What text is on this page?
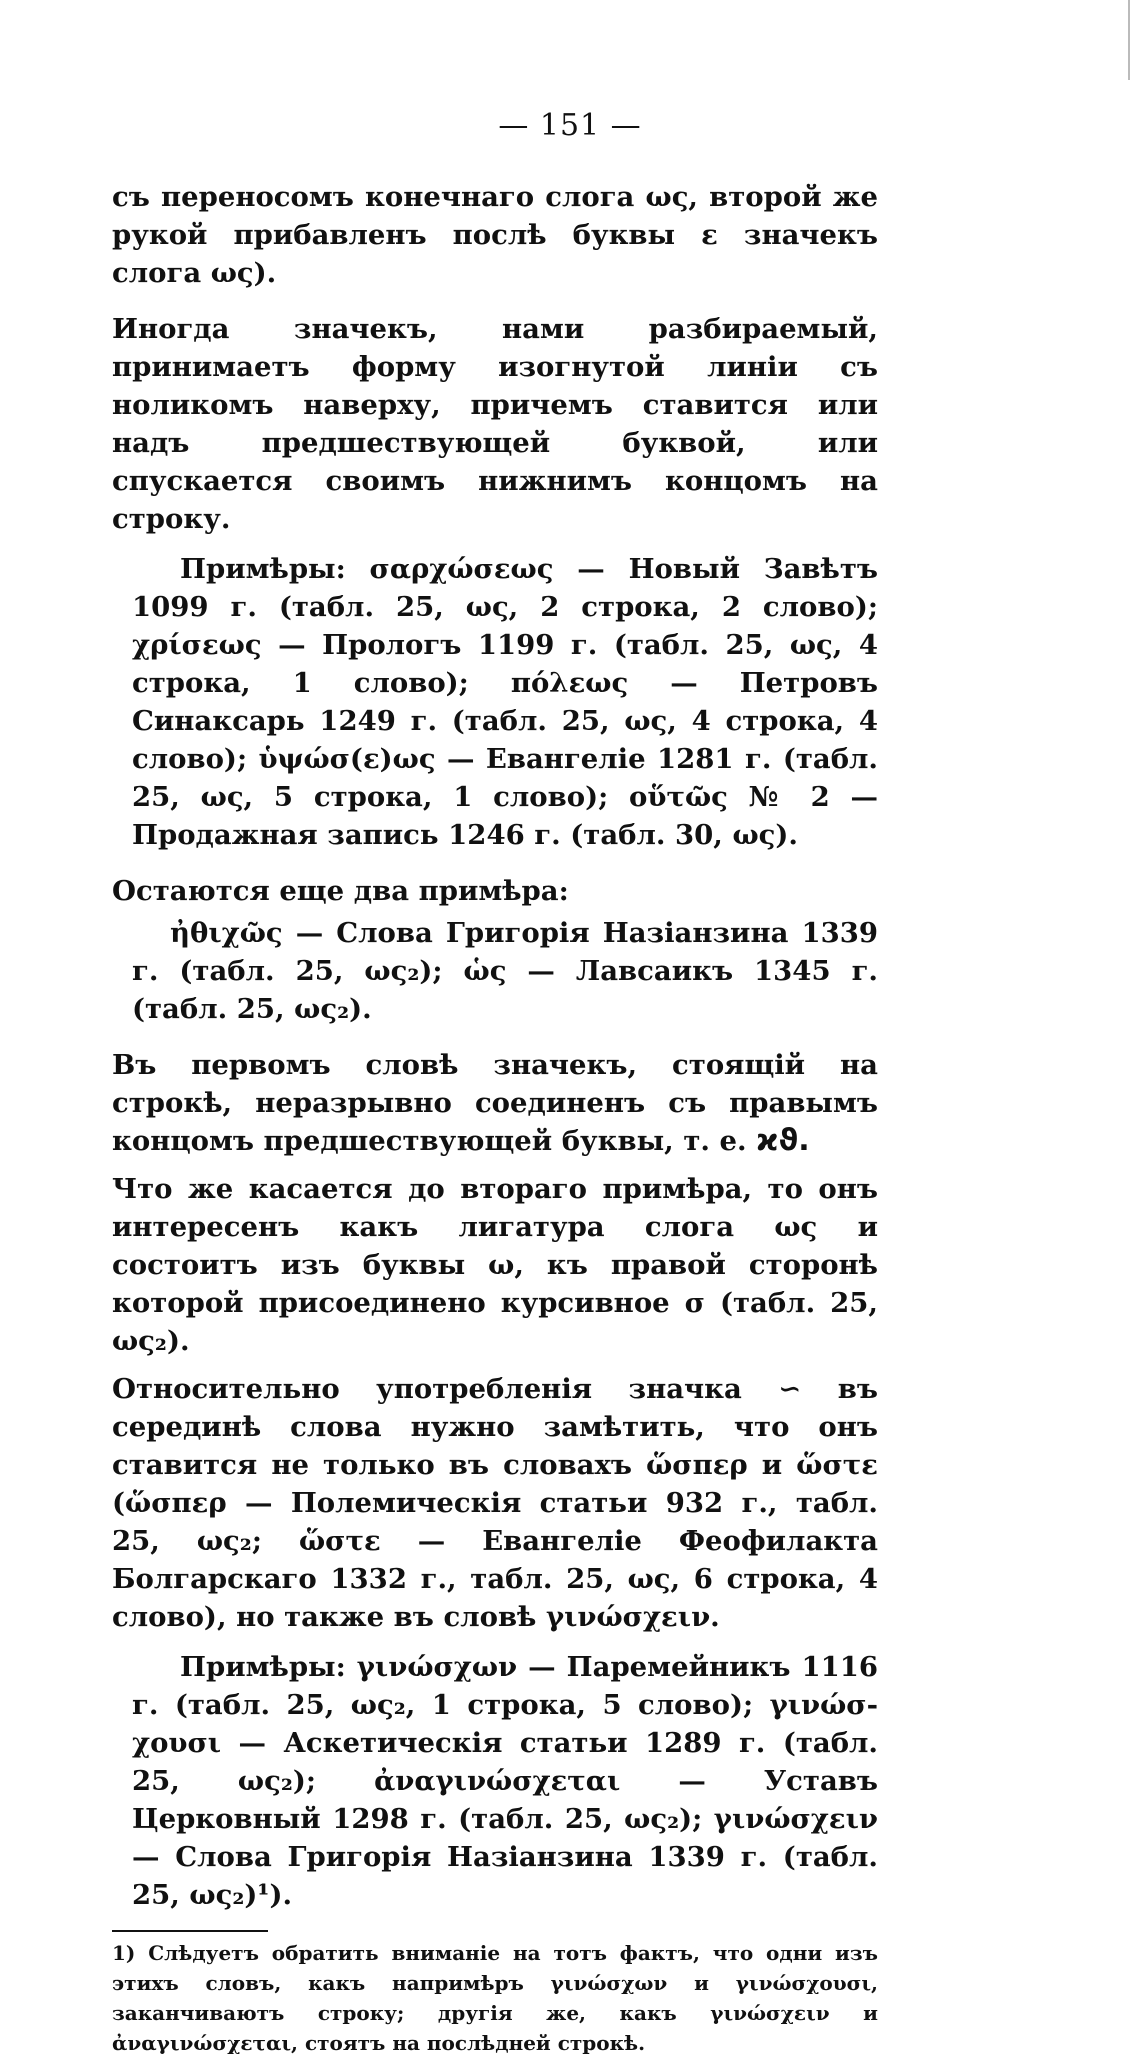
— 151 —

съ переносомъ конечнаго слога ως, второй же рукой прибавленъ послѣ буквы ε значекъ слога ως).

Иногда значекъ, нами разбираемый, принимаетъ форму изогнутой линіи съ ноликомъ наверху, причемъ ставится или надъ предшествующей буквой, или спускается своимъ нижнимъ концомъ на строку.

Примѣры: σαρχώσεως — Новый Завѣтъ 1099 г. (табл. 25, ως, 2 строка, 2 слово); χρίσεως — Прологъ 1199 г. (табл. 25, ως, 4 строка, 1 слово); πόλεως — Петровъ Синаксарь 1249 г. (табл. 25, ως, 4 строка, 4 слово); ὑψώσ(ε)ως — Евангеліе 1281 г. (табл. 25, ως, 5 строка, 1 слово); οὕτῶς № 2 — Продажная запись 1246 г. (табл. 30, ως).

Остаются еще два примѣра:

ἠθιχῶς — Слова Григорія Назіанзина 1339 г. (табл. 25, ως₂); ὡς — Лавсаикъ 1345 г. (табл. 25, ως₂).

Въ первомъ словѣ значекъ, стоящій на строкѣ, неразрывно соединенъ съ правымъ концомъ предшествующей буквы, т. е. ϰϑ.

Что же касается до втораго примѣра, то онъ интересенъ какъ лигатура слога ως и состоитъ изъ буквы ω, къ правой сторонѣ которой присоединено курсивное σ (табл. 25, ως₂).

Относительно употребленія значка ∽ въ серединѣ слова нужно замѣтить, что онъ ставится не только въ словахъ ὥσπερ и ὥστε (ὥσπερ — Полемическія статьи 932 г., табл. 25, ως₂; ὥστε — Евангеліе Феофилакта Болгарскаго 1332 г., табл. 25, ως, 6 строка, 4 слово), но также въ словѣ γινώσχειν.

Примѣры: γινώσχων — Паремейникъ 1116 г. (табл. 25, ως₂, 1 строка, 5 слово); γινώσ-χουσι — Аскетическія статьи 1289 г. (табл. 25, ως₂); ἀναγινώσχεται — Уставъ Церковный 1298 г. (табл. 25, ως₂); γινώσχειν — Слова Григорія Назіанзина 1339 г. (табл. 25, ως₂)¹).

1) Слѣдуетъ обратить вниманіе на тотъ фактъ, что одни изъ этихъ словъ, какъ напримѣръ γινώσχων и γινώσχουσι, заканчиваютъ строку; другія же, какъ γινώσχειν и ἀναγινώσχεται, стоятъ на послѣдней строкѣ.
